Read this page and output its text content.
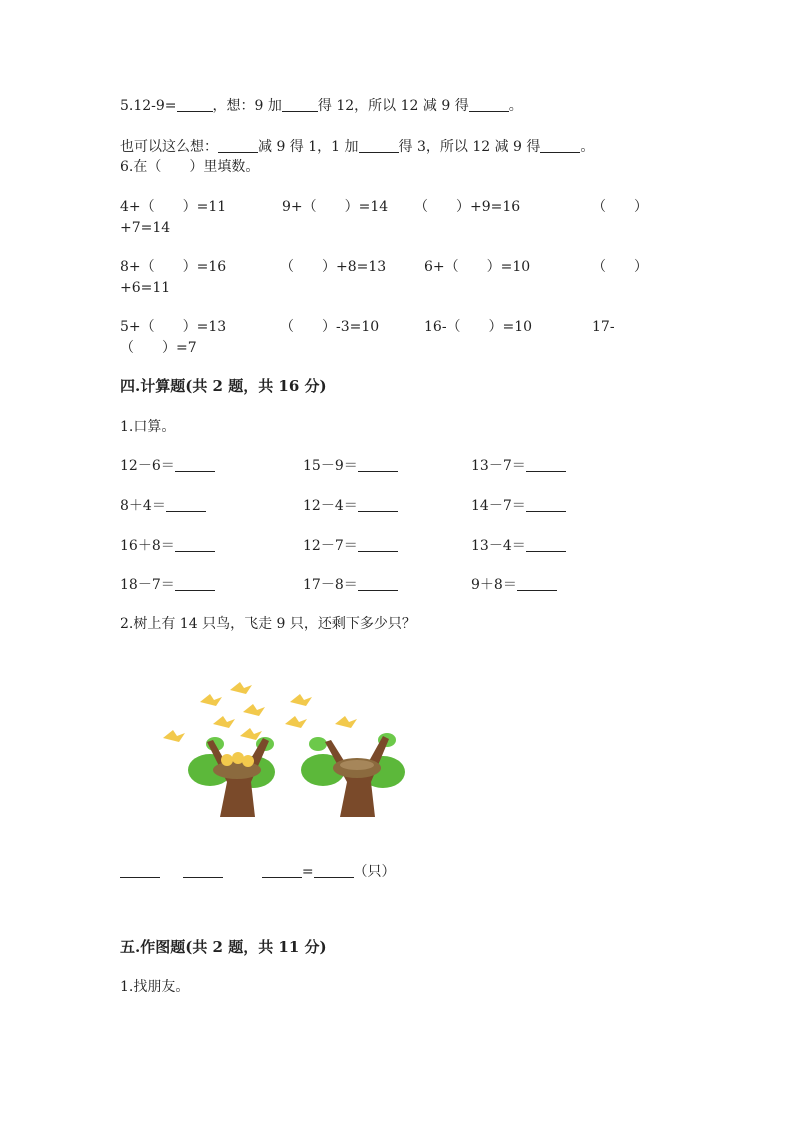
5.12-9=	，想：9 加	得 12，所以 12 减 9 得	。
也可以这么想：	减 9 得 1，1 加	得 3，所以 12 减 9 得	。
6.在（　　）里填数。
4+（　　）=11	9+（　　）=14 （　　）+9=16	（　　）
+7=14
8+（　　）=16	（　　）+8=13	6+（　　）=10	（　　）
+6=11
5+（　　）=13	（　　）-3=10	16-（　　）=10	17-
（　　）=7
四.计算题(共 2 题，共 16 分)
1.口算。
12－6＝	15－9＝	13－7＝
8＋4＝	12－4＝	14－7＝
16＋8＝	12－7＝	13－4＝
18－7＝	17－8＝	9＋8＝
2.树上有 14 只鸟，飞走 9 只，还剩下多少只？
=	（只）
五.作图题(共 2 题，共 11 分)
1.找朋友。
